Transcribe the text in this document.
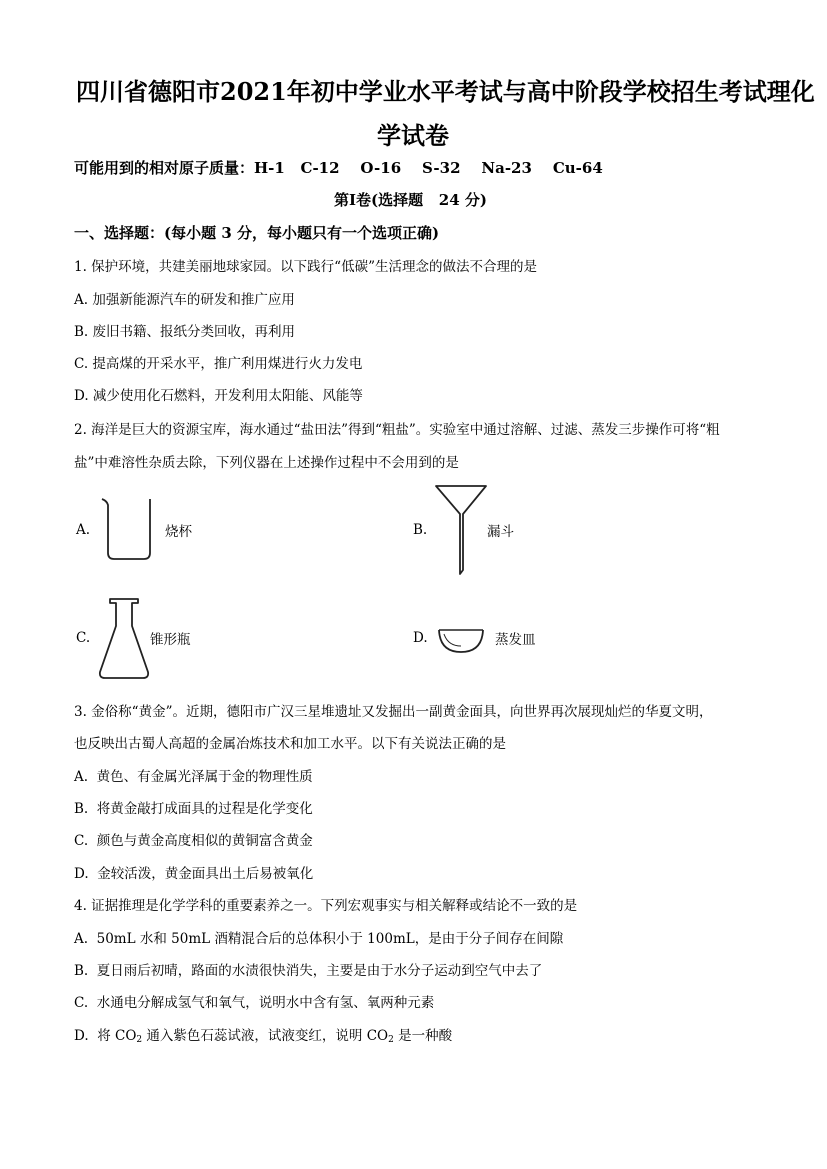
四川省德阳市2021年初中学业水平考试与高中阶段学校招生考试理化
学试卷
可能用到的相对原子质量：H-1   C-12    O-16    S-32    Na-23    Cu-64
第I卷(选择题   24 分)
一、选择题：(每小题 3 分，每小题只有一个选项正确)
1. 保护环境，共建美丽地球家园。以下践行“低碳”生活理念的做法不合理的是
A. 加强新能源汽车的研发和推广应用
B. 废旧书籍、报纸分类回收，再利用
C. 提高煤的开采水平，推广利用煤进行火力发电
D. 减少使用化石燃料，开发利用太阳能、风能等
2. 海洋是巨大的资源宝库，海水通过“盐田法”得到“粗盐”。实验室中通过溶解、过滤、蒸发三步操作可将“粗
盐”中难溶性杂质去除，下列仪器在上述操作过程中不会用到的是
A.	烧杯	B.	漏斗
C.	锥形瓶	D.	蒸发皿
3. 金俗称“黄金”。近期，德阳市广汉三星堆遗址又发掘出一副黄金面具，向世界再次展现灿烂的华夏文明，
也反映出古蜀人高超的金属冶炼技术和加工水平。以下有关说法正确的是
A.  黄色、有金属光泽属于金的物理性质
B.  将黄金敲打成面具的过程是化学变化
C.  颜色与黄金高度相似的黄铜富含黄金
D.  金较活泼，黄金面具出土后易被氧化
4. 证据推理是化学学科的重要素养之一。下列宏观事实与相关解释或结论不一致的是
A.  50mL 水和 50mL 酒精混合后的总体积小于 100mL，是由于分子间存在间隙
B.  夏日雨后初晴，路面的水渍很快消失，主要是由于水分子运动到空气中去了
C.  水通电分解成氢气和氧气，说明水中含有氢、氧两种元素
D.  将 $CO_2$ 通入紫色石蕊试液，试液变红，说明 $CO_2$ 是一种酸
